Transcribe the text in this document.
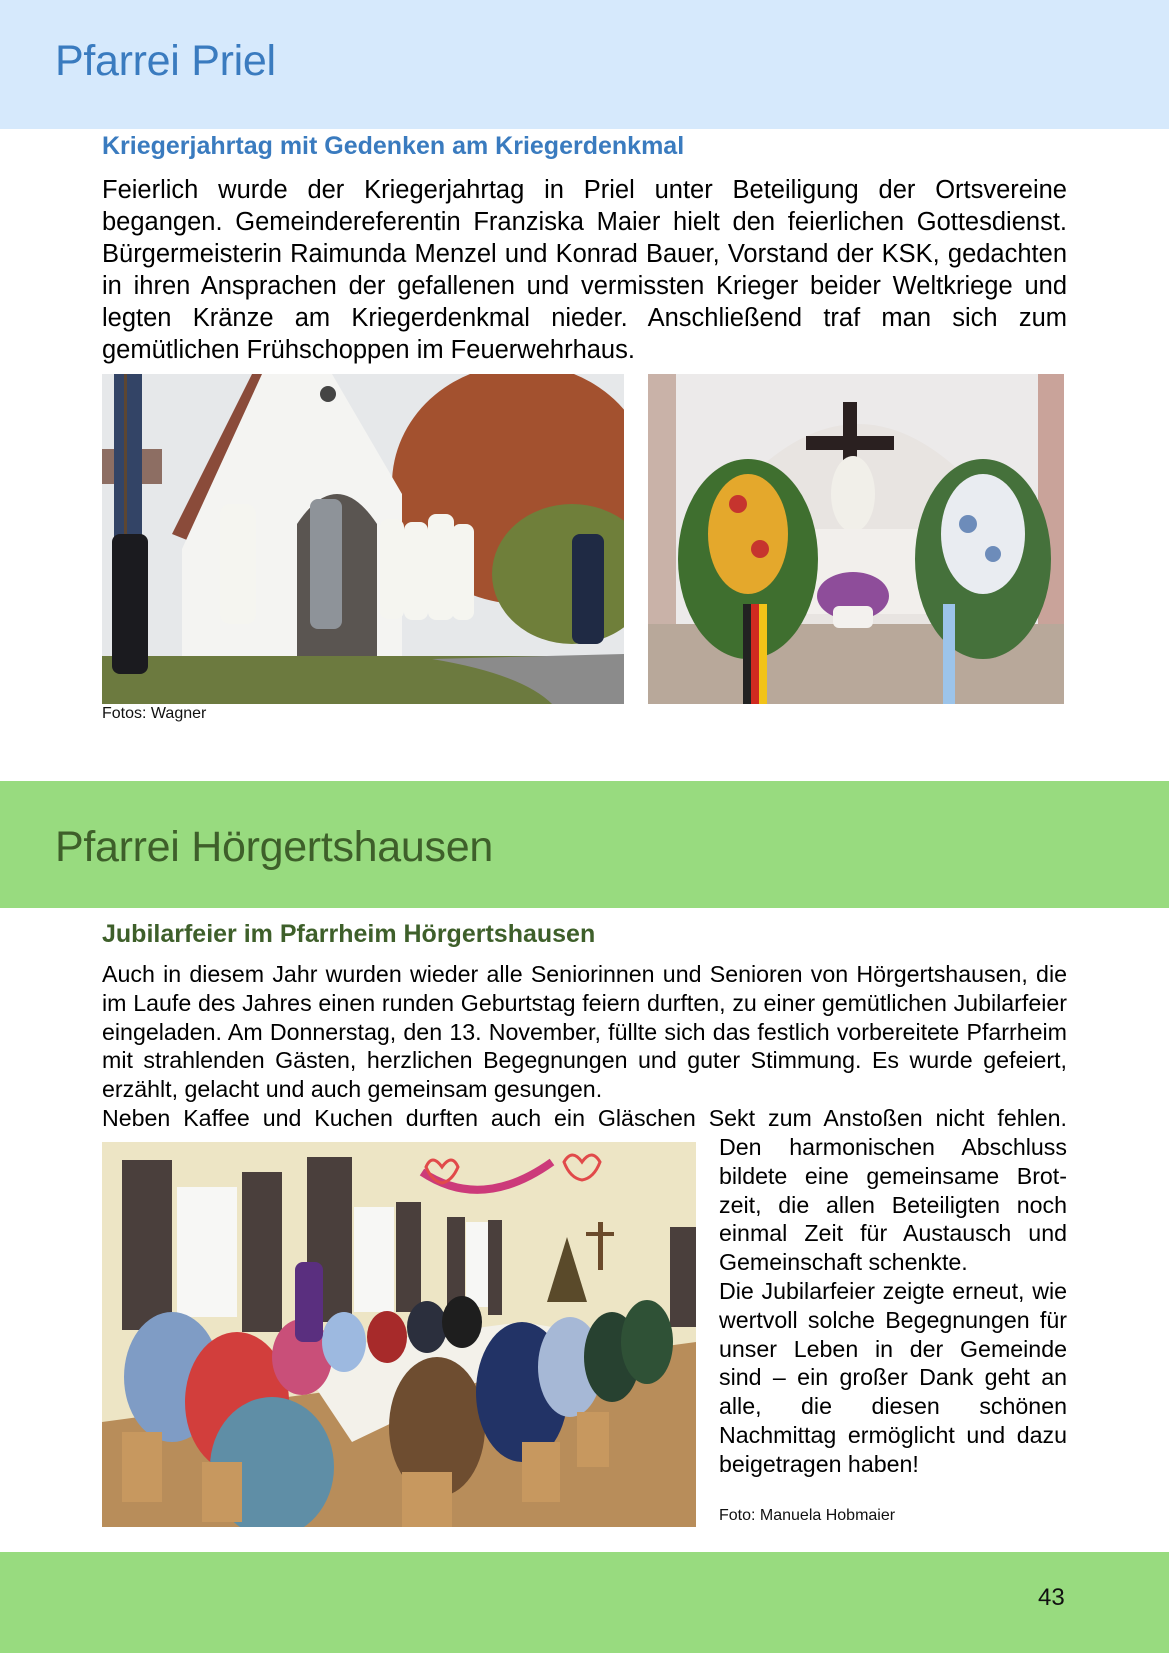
Pfarrei Priel
Kriegerjahrtag mit Gedenken am Kriegerdenkmal

Feierlich wurde der Kriegerjahrtag in Priel unter Beteiligung der Ortsvereine begangen. Gemeindereferentin Franziska Maier hielt den feierlichen Gottesdienst. Bürgermeisterin Raimunda Menzel und Konrad Bauer, Vorstand der KSK, gedachten in ihren Ansprachen der gefallenen und vermissten Krieger beider Weltkriege und legten Kränze am Kriegerdenkmal nieder. Anschließend traf man sich zum gemütlichen Frühschoppen im Feuerwehrhaus.

Fotos: Wagner

Pfarrei Hörgertshausen
Jubilarfeier im Pfarrheim Hörgertshausen
Auch in diesem Jahr wurden wieder alle Seniorinnen und Senioren von Hörgertshausen, die im Laufe des Jahres einen runden Geburtstag feiern durften, zu einer gemütlichen Jubilarfeier eingeladen. Am Donnerstag, den 13. November, füllte sich das festlich vorbereitete Pfarrheim mit strahlenden Gästen, herzlichen Begegnungen und guter Stimmung. Es wurde gefeiert, erzählt, gelacht und auch gemeinsam gesungen.
Neben Kaffee und Kuchen durften auch ein Gläschen Sekt zum Anstoßen nicht fehlen.
Den harmonischen Abschluss bildete eine gemeinsame Brotzeit, die allen Beteiligten noch einmal Zeit für Austausch und Gemeinschaft schenkte.
Die Jubilarfeier zeigte erneut, wie wertvoll solche Begegnungen für unser Leben in der Gemeinde sind – ein großer Dank geht an alle, die diesen schönen Nachmittag ermöglicht und dazu beigetragen haben!

Foto: Manuela Hobmaier

43
